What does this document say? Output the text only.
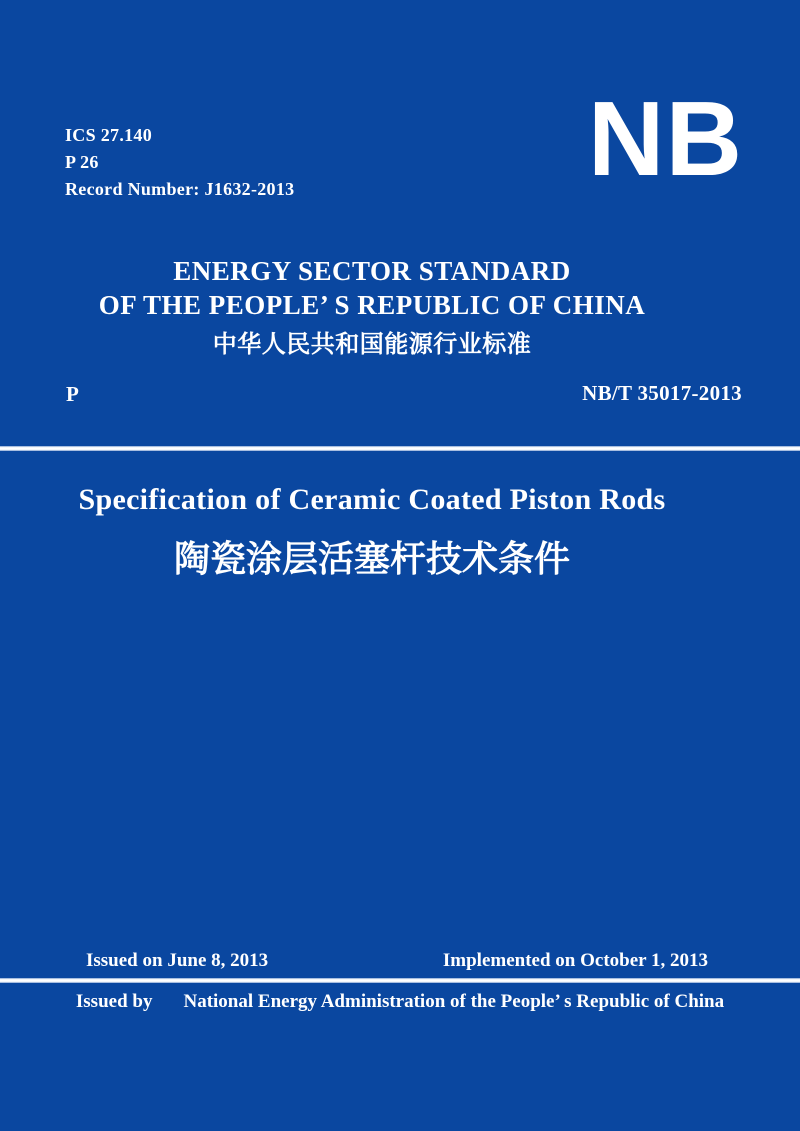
ICS 27.140
P 26
Record Number: J1632-2013	NB
ENERGY SECTOR STANDARD
OF THE PEOPLE’ S REPUBLIC OF CHINA
中华人民共和国能源行业标准
P	NB/T 35017-2013
Specification of Ceramic Coated Piston Rods
陶瓷涂层活塞杆技术条件
Issued on June 8, 2013	Implemented on October 1, 2013
Issued by National Energy Administration of the People’ s Republic of China
